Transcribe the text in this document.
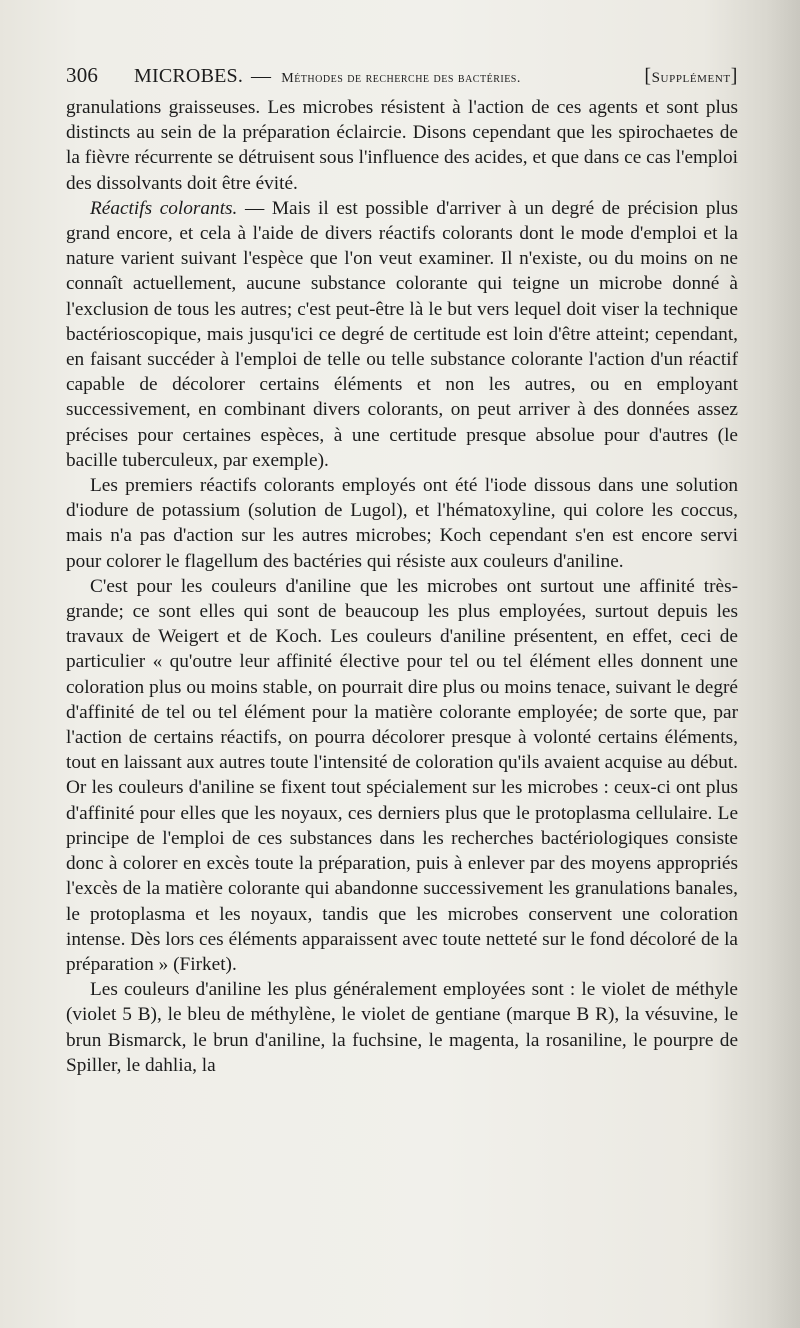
306	MICROBES. — Méthodes de recherche des bactéries.	[ Supplément ]

granulations graisseuses. Les microbes résistent à l'action de ces agents et sont plus distincts au sein de la préparation éclaircie. Disons cependant que les spirochaetes de la fièvre récurrente se détruisent sous l'influence des acides, et que dans ce cas l'emploi des dissolvants doit être évité.

Réactifs colorants. — Mais il est possible d'arriver à un degré de précision plus grand encore, et cela à l'aide de divers réactifs colorants dont le mode d'emploi et la nature varient suivant l'espèce que l'on veut examiner. Il n'existe, ou du moins on ne connaît actuellement, aucune substance colorante qui teigne un microbe donné à l'exclusion de tous les autres; c'est peut-être là le but vers lequel doit viser la technique bactérioscopique, mais jusqu'ici ce degré de certitude est loin d'être atteint; cependant, en faisant succéder à l'emploi de telle ou telle substance colorante l'action d'un réactif capable de décolorer certains éléments et non les autres, ou en employant successivement, en combinant divers colorants, on peut arriver à des données assez précises pour certaines espèces, à une certitude presque absolue pour d'autres (le bacille tuberculeux, par exemple).

Les premiers réactifs colorants employés ont été l'iode dissous dans une solution d'iodure de potassium (solution de Lugol), et l'hématoxyline, qui colore les coccus, mais n'a pas d'action sur les autres microbes; Koch cependant s'en est encore servi pour colorer le flagellum des bactéries qui résiste aux couleurs d'aniline.

C'est pour les couleurs d'aniline que les microbes ont surtout une affinité très-grande; ce sont elles qui sont de beaucoup les plus employées, surtout depuis les travaux de Weigert et de Koch. Les couleurs d'aniline présentent, en effet, ceci de particulier « qu'outre leur affinité élective pour tel ou tel élément elles donnent une coloration plus ou moins stable, on pourrait dire plus ou moins tenace, suivant le degré d'affinité de tel ou tel élément pour la matière colorante employée; de sorte que, par l'action de certains réactifs, on pourra décolorer presque à volonté certains éléments, tout en laissant aux autres toute l'intensité de coloration qu'ils avaient acquise au début. Or les couleurs d'aniline se fixent tout spécialement sur les microbes : ceux-ci ont plus d'affinité pour elles que les noyaux, ces derniers plus que le protoplasma cellulaire. Le principe de l'emploi de ces substances dans les recherches bactériologiques consiste donc à colorer en excès toute la préparation, puis à enlever par des moyens appropriés l'excès de la matière colorante qui abandonne successivement les granulations banales, le protoplasma et les noyaux, tandis que les microbes conservent une coloration intense. Dès lors ces éléments apparaissent avec toute netteté sur le fond décoloré de la préparation » (Firket).

Les couleurs d'aniline les plus généralement employées sont : le violet de méthyle (violet 5 B), le bleu de méthylène, le violet de gentiane (marque B R), la vésuvine, le brun Bismarck, le brun d'aniline, la fuchsine, le magenta, la rosaniline, le pourpre de Spiller, le dahlia, la
